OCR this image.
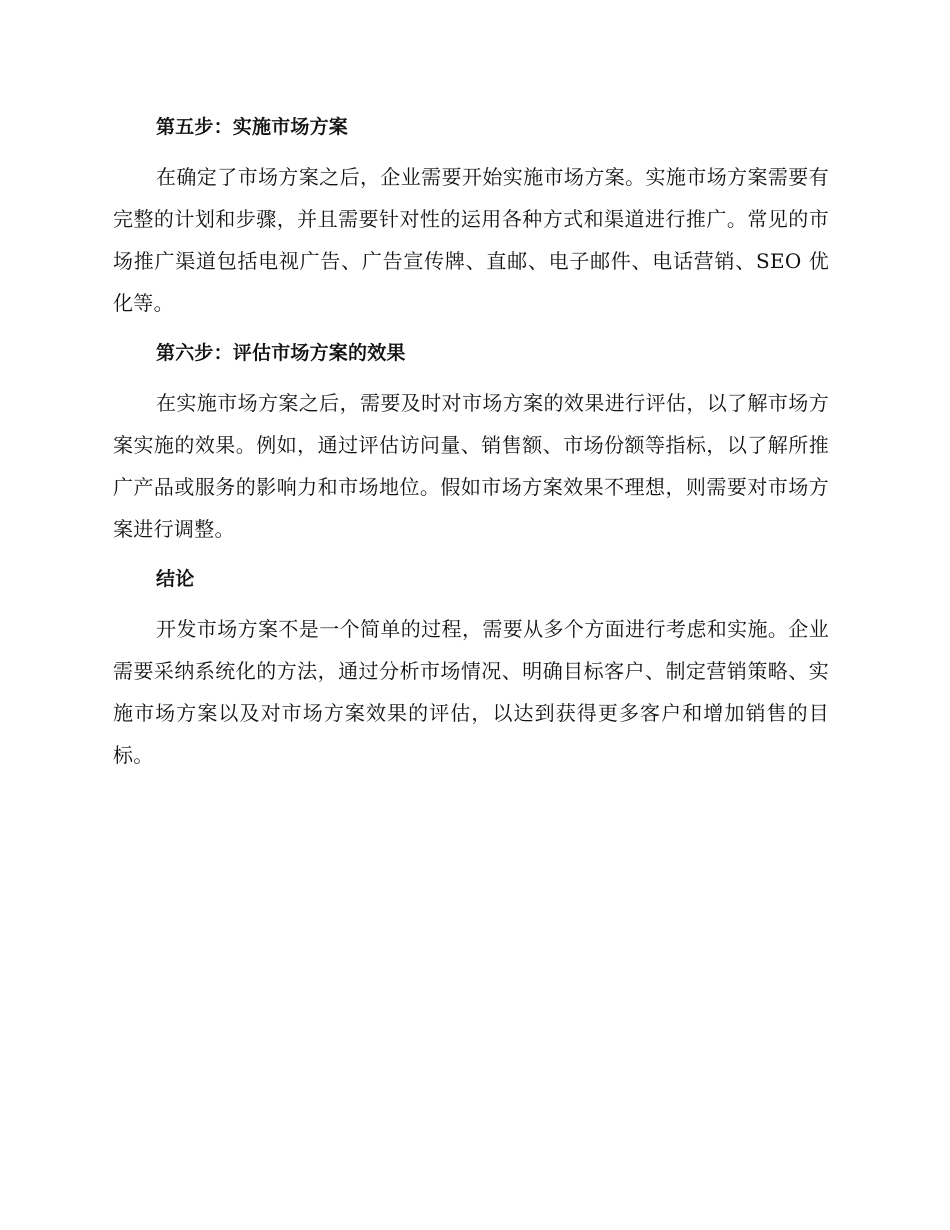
第五步：实施市场方案

在确定了市场方案之后，企业需要开始实施市场方案。实施市场方案需要有完整的计划和步骤，并且需要针对性的运用各种方式和渠道进行推广。常见的市场推广渠道包括电视广告、广告宣传牌、直邮、电子邮件、电话营销、SEO 优化等。

第六步：评估市场方案的效果

在实施市场方案之后，需要及时对市场方案的效果进行评估，以了解市场方案实施的效果。例如，通过评估访问量、销售额、市场份额等指标，以了解所推广产品或服务的影响力和市场地位。假如市场方案效果不理想，则需要对市场方案进行调整。

结论

开发市场方案不是一个简单的过程，需要从多个方面进行考虑和实施。企业需要采纳系统化的方法，通过分析市场情况、明确目标客户、制定营销策略、实施市场方案以及对市场方案效果的评估，以达到获得更多客户和增加销售的目标。
